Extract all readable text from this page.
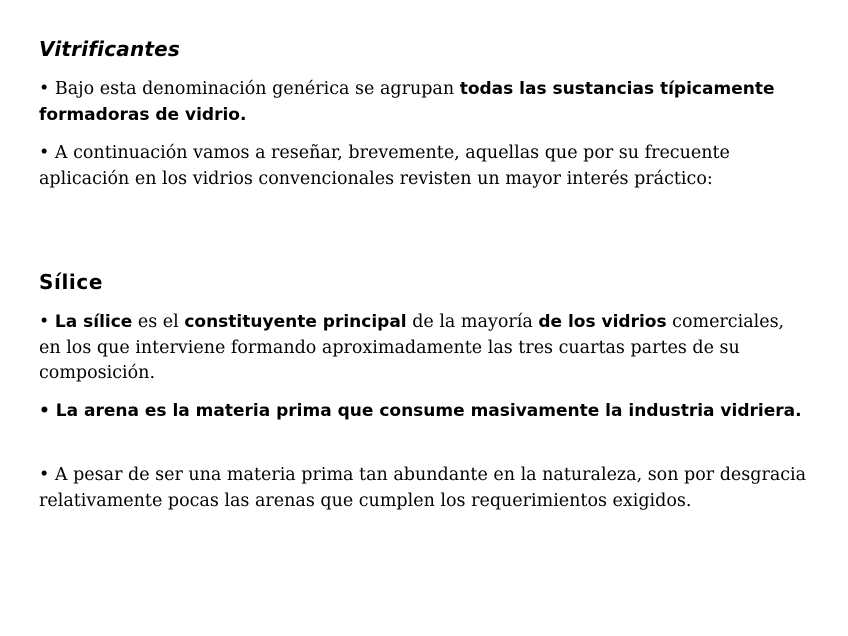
Vitrificantes

• Bajo esta denominación genérica se agrupan todas las sustancias típicamente formadoras de vidrio.

• A continuación vamos a reseñar, brevemente, aquellas que por su frecuente aplicación en los vidrios convencionales revisten un mayor interés práctico:

Sílice

• La sílice es el constituyente principal de la mayoría de los vidrios comerciales, en los que interviene formando aproximadamente las tres cuartas partes de su composición.

• La arena es la materia prima que consume masivamente la industria vidriera.

• A pesar de ser una materia prima tan abundante en la naturaleza, son por desgracia relativamente pocas las arenas que cumplen los requerimientos exigidos.
